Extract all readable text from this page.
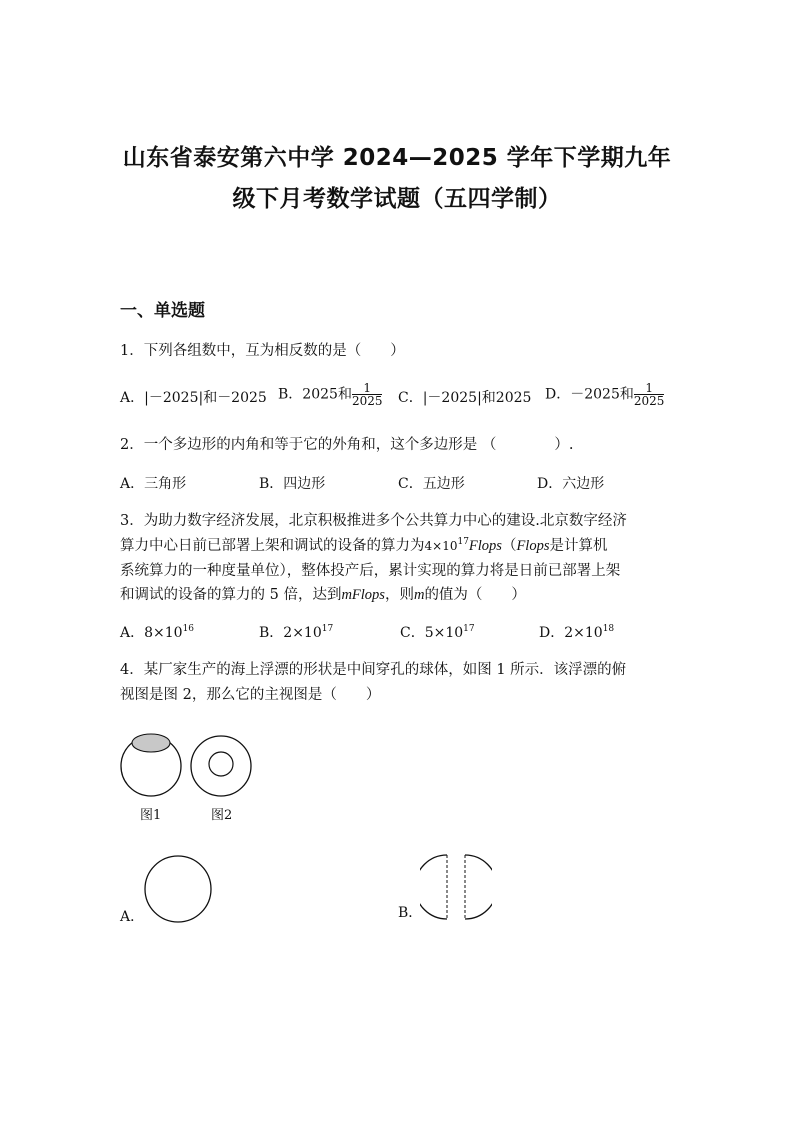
山东省泰安第六中学 2024—2025 学年下学期九年
级下月考数学试题（五四学制）
一、单选题
1．下列各组数中，互为相反数的是（　　）
A．|－2025|和－2025 B．2025和 $\frac{1}{2025}$ C．|－2025|和2025 D．－2025和 $\frac{1}{2025}$
2．一个多边形的内角和等于它的外角和，这个多边形是 （　　　　）.
A．三角形	B．四边形	C．五边形	D．六边形
3．为助力数字经济发展，北京积极推进多个公共算力中心的建设.北京数字经济
算力中心日前已部署上架和调试的设备的算力为$4\times 10^{17}Flops(Flops$是计算机
系统算力的一种度量单位），整体投产后，累计实现的算力将是日前已部署上架
和调试的设备的算力的 5 倍，达到mFlops，则m的值为（　　）
A．$8\times 10^{16}$	B．$2\times 10^{17}$	C．$5\times 10^{17}$	D．$2\times 10^{18}$
4．某厂家生产的海上浮漂的形状是中间穿孔的球体，如图 1 所示．该浮漂的俯
视图是图 2，那么它的主视图是（　　）
图1	图2
A．	B．
